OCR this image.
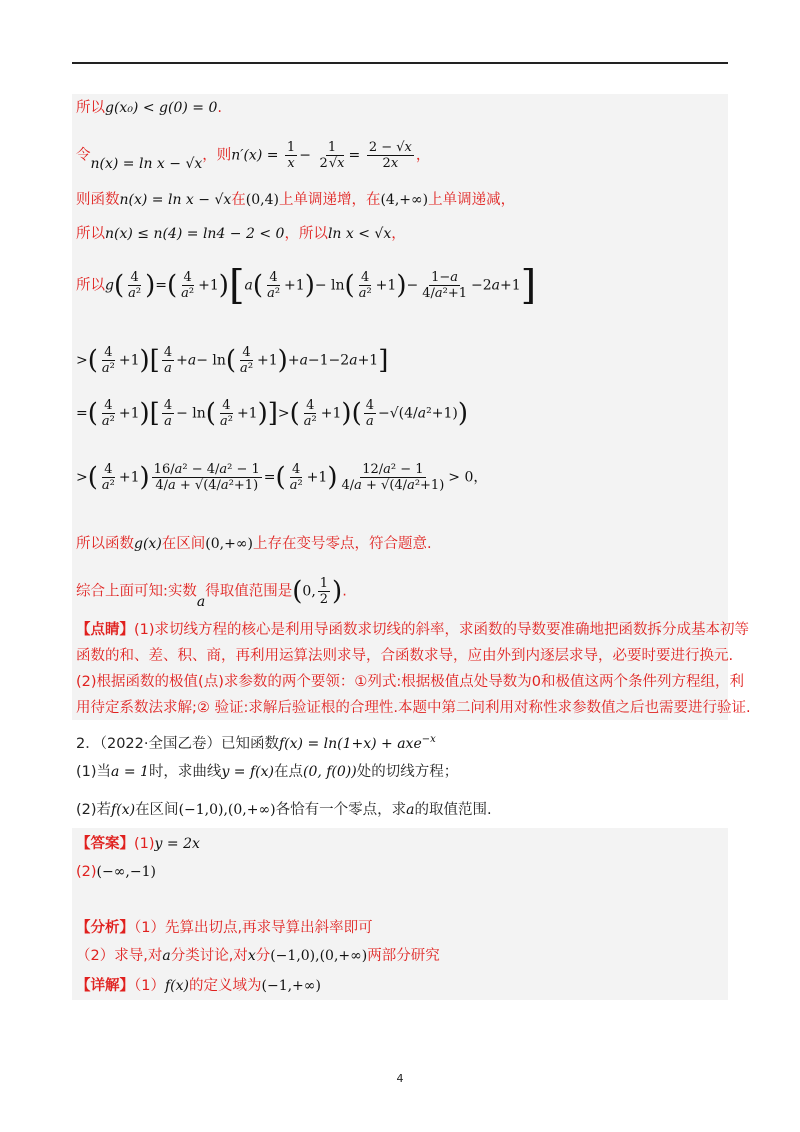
所以g(x₀) < g(0) = 0.
令n(x) = ln x − √x，则$n'(x) = \frac{1}{x} - \frac{1}{2√x} = \frac{2 - √x}{2x}$ ，
则函数n(x) = ln x − √x在(0,4)上单调递增，在(4,+∞)上单调递减，
所以n(x) ≤ n(4) = ln4 − 2 < 0，所以ln x < √x，
所以$g( \frac{4}{\text{a²}}$ )=( $\frac{4}{\text{a²}} +1)[a( \frac{4}{\text{a²}} +1)- \ln( \frac{4}{\text{a²}} +1)- \frac{1-a}{\text{4/a²+1}} -2a+1]$
>( $\frac{4}{\text{a²}} +1)[ \frac{4}{a} +a- \ln( \frac{4}{\text{a²}} +1)+a-1-2a+1]$
=( $\frac{4}{\text{a²}} +1)[ \frac{4}{a} - \ln( \frac{4}{\text{a²}} +1)]>( \frac{4}{\text{a²}} +1)( \frac{4}{a} -√(4/a^2+1))$
>( $\frac{4}{\text{a²}} +1) \frac{\text{16/a² − 4/a² − 1}}{\text{4/a + √(4/a²+1)}}$ =( $\frac{4}{\text{a²}} +1) \frac{\text{12/a² − 1}}{\text{4/a + √(4/a²+1)}} > 0$，
所以函数g(x)在区间(0,+∞)上存在变号零点，符合题意.
综合上面可知:实数a得取值范围是(0, $\frac{1}{2}$ ).
【点睛】(1)求切线方程的核心是利用导函数求切线的斜率，求函数的导数要准确地把函数拆分成基本初等
函数的和、差、积、商，再利用运算法则求导，合函数求导，应由外到内逐层求导，必要时要进行换元.
(2)根据函数的极值(点)求参数的两个要领：①列式:根据极值点处导数为0和极值这两个条件列方程组，利
用待定系数法求解;② 验证:求解后验证根的合理性.本题中第二问利用对称性求参数值之后也需要进行验证.
2．（2022·全国乙卷）已知函数f(x) = ln(1+x) + axe$^{-x}$
(1)当a = 1时，求曲线y = f(x)在点(0, f(0))处的切线方程；
(2)若f(x)在区间(−1,0),(0,+∞)各恰有一个零点，求a的取值范围.
【答案】(1)y = 2x
(2)(−∞,−1)
【分析】（1）先算出切点,再求导算出斜率即可
（2）求导,对a分类讨论,对x分(−1,0),(0,+∞)两部分研究
【详解】（1）f(x)的定义域为(−1,+∞)
4
